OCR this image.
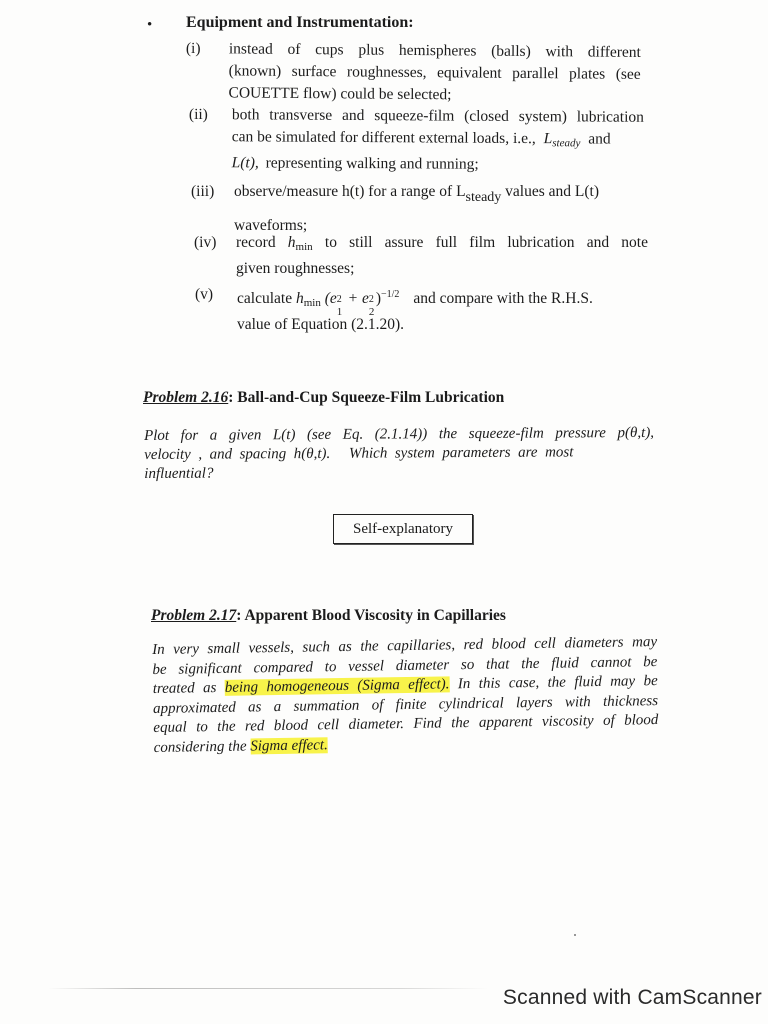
• Equipment and Instrumentation:
(i) instead of cups plus hemispheres (balls) with different
(known) surface roughnesses, equivalent parallel plates (see
COUETTE flow) could be selected;
(ii) both transverse and squeeze-film (closed system) lubrication
can be simulated for different external loads, i.e., $L_{steady}$ and
L(t), representing walking and running;
(iii) observe/measure h(t) for a range of Lsteady values and L(t)
waveforms;
(iv) record $h_{min}$ to still assure full film lubrication and note
given roughnesses;
(v) calculate $h_{min}$ (e 2
1
+ e 2
2
)$^{-1/2}$ and compare with the R.H.S.
value of Equation (2.1.20).
Problem 2.16: Ball-and-Cup Squeeze-Film Lubrication
Plot for a given L(t) (see Eq. (2.1.14)) the squeeze-film pressure p(θ,t),
velocity  ,  and  spacing  h(θ,t).     Which  system  parameters  are  most
influential?
Self-explanatory
Problem 2.17: Apparent Blood Viscosity in Capillaries
In very small vessels, such as the capillaries, red blood cell diameters may
be significant compared to vessel diameter so that the fluid cannot be
treated as being homogeneous (Sigma effect). In this case, the fluid may be
approximated as a summation of finite cylindrical layers with thickness
equal to the red blood cell diameter. Find the apparent viscosity of blood
considering the Sigma effect.
Scanned with CamScanner
